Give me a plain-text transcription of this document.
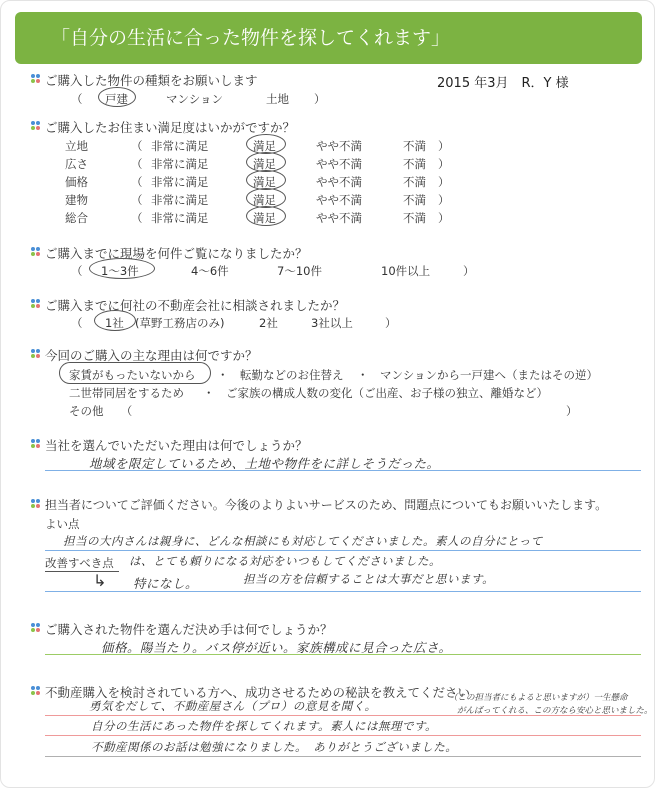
「自分の生活に合った物件を探してくれます」
2015 年3月　R．Y 様
ご購入した物件の種類をお願いします
（ 戸建	マンション	土地 ）
ご購入したお住まい満足度はいかがですか？
立地	（ 非常に満足	満足	やや不満	不満 ）
広さ	（ 非常に満足	満足	やや不満	不満 ）
価格	（ 非常に満足	満足	やや不満	不満 ）
建物	（ 非常に満足	満足	やや不満	不満 ）
総合	（ 非常に満足	満足	やや不満	不満 ）
ご購入までに現場を何件ご覧になりましたか？
（ 1～3件	4～6件	7～10件	10件以上	）
ご購入までに何社の不動産会社に相談されましたか？
（ 1社 (草野工務店のみ)	2社	3社以上	）
今回のご購入の主な理由は何ですか？
家賃がもったいないから ・　転勤などのお住替え ・　マンションから一戸建へ（またはその逆）
二世帯同居をするため ・　ご家族の構成人数の変化（ご出産、お子様の独立、離婚など）
その他　　（	）
当社を選んでいただいた理由は何でしょうか？
地域を限定しているため、土地や物件をに詳しそうだった。
担当者についてご評価ください。今後のよりよいサービスのため、問題点についてもお願いいたします。
よい点
担当の大内さんは親身に、どんな相談にも対応してくださいました。素人の自分にとって
改善すべき点 は、とても頼りになる対応をいつもしてくださいました。
↳ 特になし。	担当の方を信頼することは大事だと思います。
ご購入された物件を選んだ決め手は何でしょうか？
価格。陽当たり。バス停が近い。家族構成に見合った広さ。
不動産購入を検討されている方へ、成功させるための秘訣を教えてください
勇気をだして、不動産屋さん（プロ）の意見を聞く。
（この担当者にもよると思いますが）一生懸命
がんばってくれる、この方なら安心と思いました。
自分の生活にあった物件を探してくれます。素人には無理です。
不動産関係のお話は勉強になりました。　ありがとうございました。
